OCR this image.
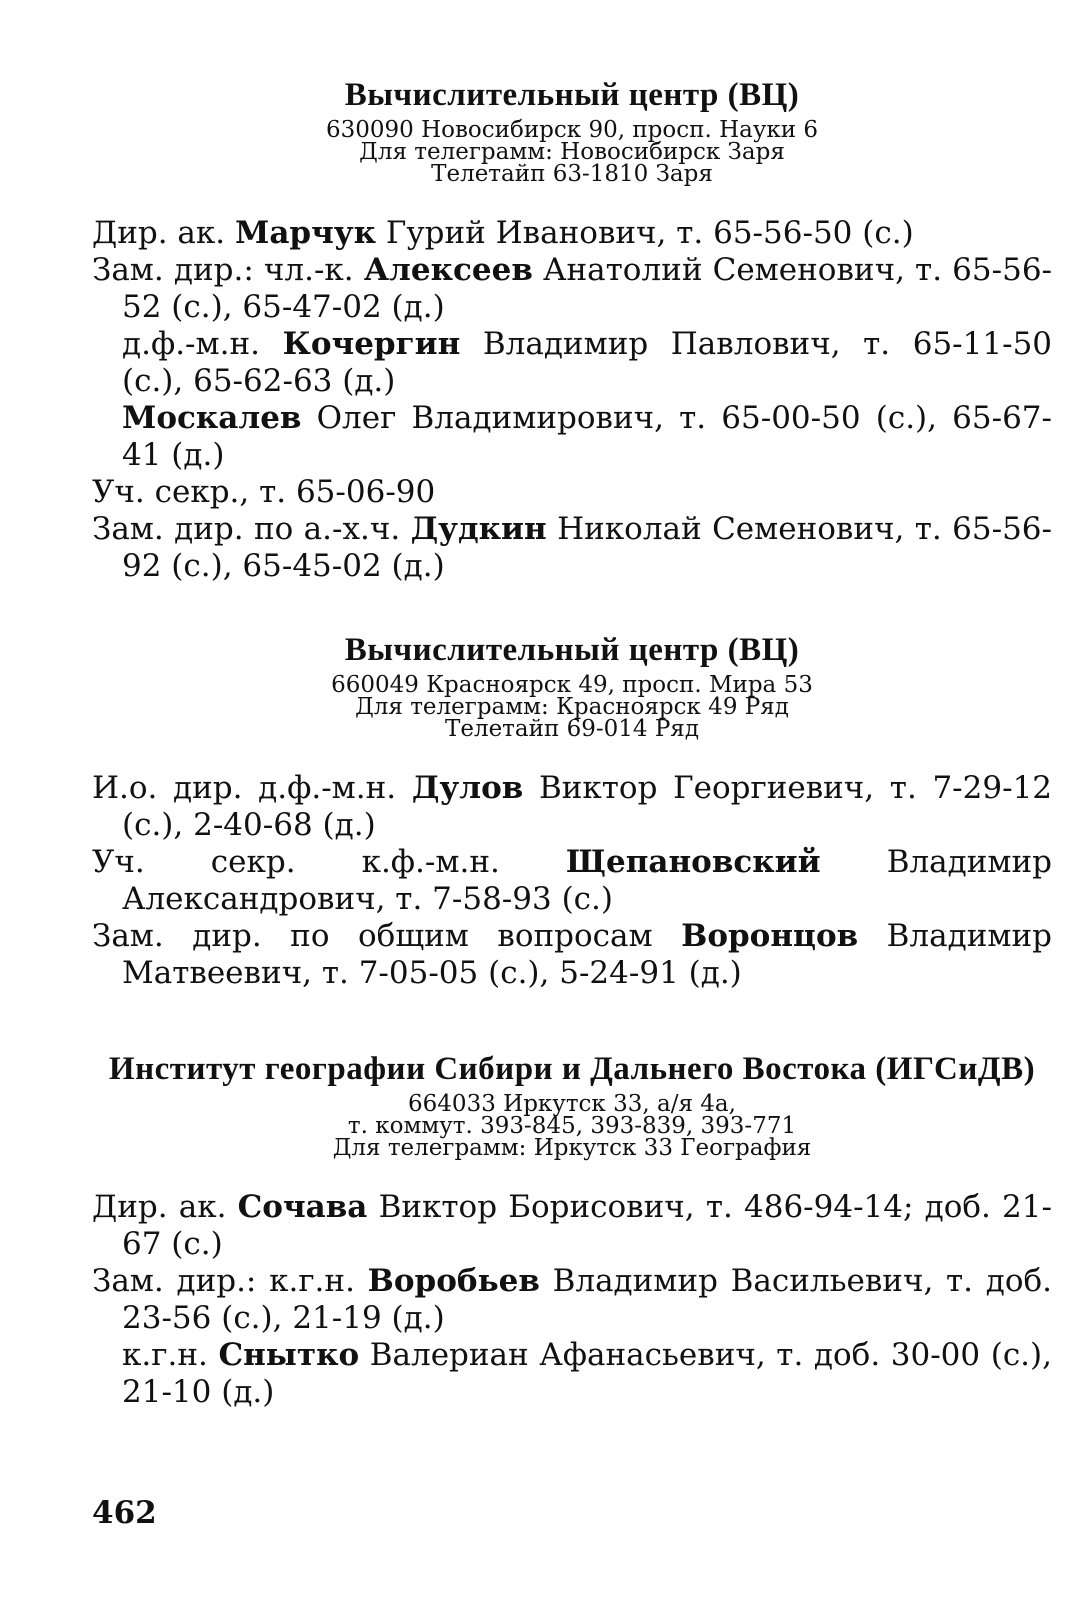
Вычислительный центр (ВЦ)
630090 Новосибирск 90, просп. Науки 6
Для телеграмм: Новосибирск Заря
Телетайп 63-1810 Заря

Дир. ак. Марчук Гурий Иванович, т. 65-56-50 (с.)

Зам. дир.: чл.-к. Алексеев Анатолий Семенович, т. 65-56-52 (с.), 65-47-02 (д.)

д.ф.-м.н. Кочергин Владимир Павлович, т. 65-11-50 (с.), 65-62-63 (д.)

Москалев Олег Владимирович, т. 65-00-50 (с.), 65-67-41 (д.)

Уч. секр., т. 65-06-90

Зам. дир. по а.-х.ч. Дудкин Николай Семенович, т. 65-56-92 (с.), 65-45-02 (д.)

Вычислительный центр (ВЦ)
660049 Красноярск 49, просп. Мира 53
Для телеграмм: Красноярск 49 Ряд
Телетайп 69-014 Ряд

И.о. дир. д.ф.-м.н. Дулов Виктор Георгиевич, т. 7-29-12 (с.), 2-40-68 (д.)

Уч. секр. к.ф.-м.н. Щепановский Владимир Александрович, т. 7-58-93 (с.)

Зам. дир. по общим вопросам Воронцов Владимир Матвеевич, т. 7-05-05 (с.), 5-24-91 (д.)

Институт географии Сибири и Дальнего Востока (ИГСиДВ)
664033 Иркутск 33, а/я 4а,
т. коммут. 393-845, 393-839, 393-771
Для телеграмм: Иркутск 33 География

Дир. ак. Сочава Виктор Борисович, т. 486-94-14; доб. 21-67 (с.)

Зам. дир.: к.г.н. Воробьев Владимир Васильевич, т. доб. 23-56 (с.), 21-19 (д.)

к.г.н. Снытко Валериан Афанасьевич, т. доб. 30-00 (с.), 21-10 (д.)

462
